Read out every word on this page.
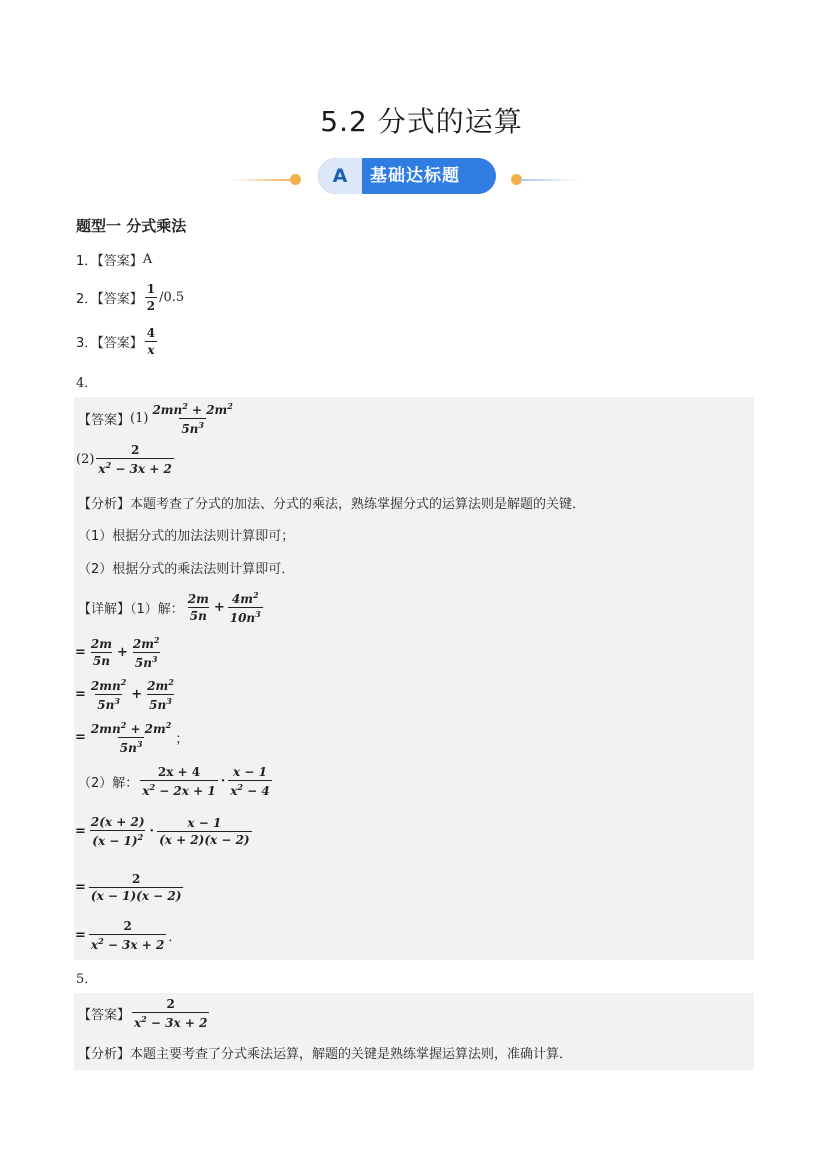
5.2 分式的运算
A	基础达标题
题型一 分式乘法
1．【答案】 A
2．【答案】 $\frac{1}{2} /0.5$
3．【答案】 $\frac{4}{x}$
4．
【答案】 $(1) \frac{2mn^2 + 2m^2}{5n^3}$
$(2) \frac{2}{x^2 - 3x + 2}$
【分析】本题考查了分式的加法、分式的乘法，熟练掌握分式的运算法则是解题的关键．
（1）根据分式的加法法则计算即可；
（2）根据分式的乘法法则计算即可．
【详解】（1）解： $\frac{2m}{5n} + \frac{4m^2}{10n^3}$
= $\frac{2m}{5n} + \frac{2m^2}{5n^3}$
= $\frac{2mn^2}{5n^3} + \frac{2m^2}{5n^3}$
= $\frac{2mn^2 + 2m^2}{5n^3}$ ；
（2）解： $\frac{2x + 4}{x^2 - 2x + 1} \cdot \frac{x - 1}{x^2 - 4}$
= $\frac{2(x + 2)}{(x - 1)^2} \cdot \frac{x - 1}{(x + 2)(x - 2)}$
= $\frac{2}{(x - 1)(x - 2)}$
= $\frac{2}{x^2 - 3x + 2}$ ．
5．
【答案】 $\frac{2}{x^2 - 3x + 2}$
【分析】本题主要考查了分式乘法运算，解题的关键是熟练掌握运算法则，准确计算．
